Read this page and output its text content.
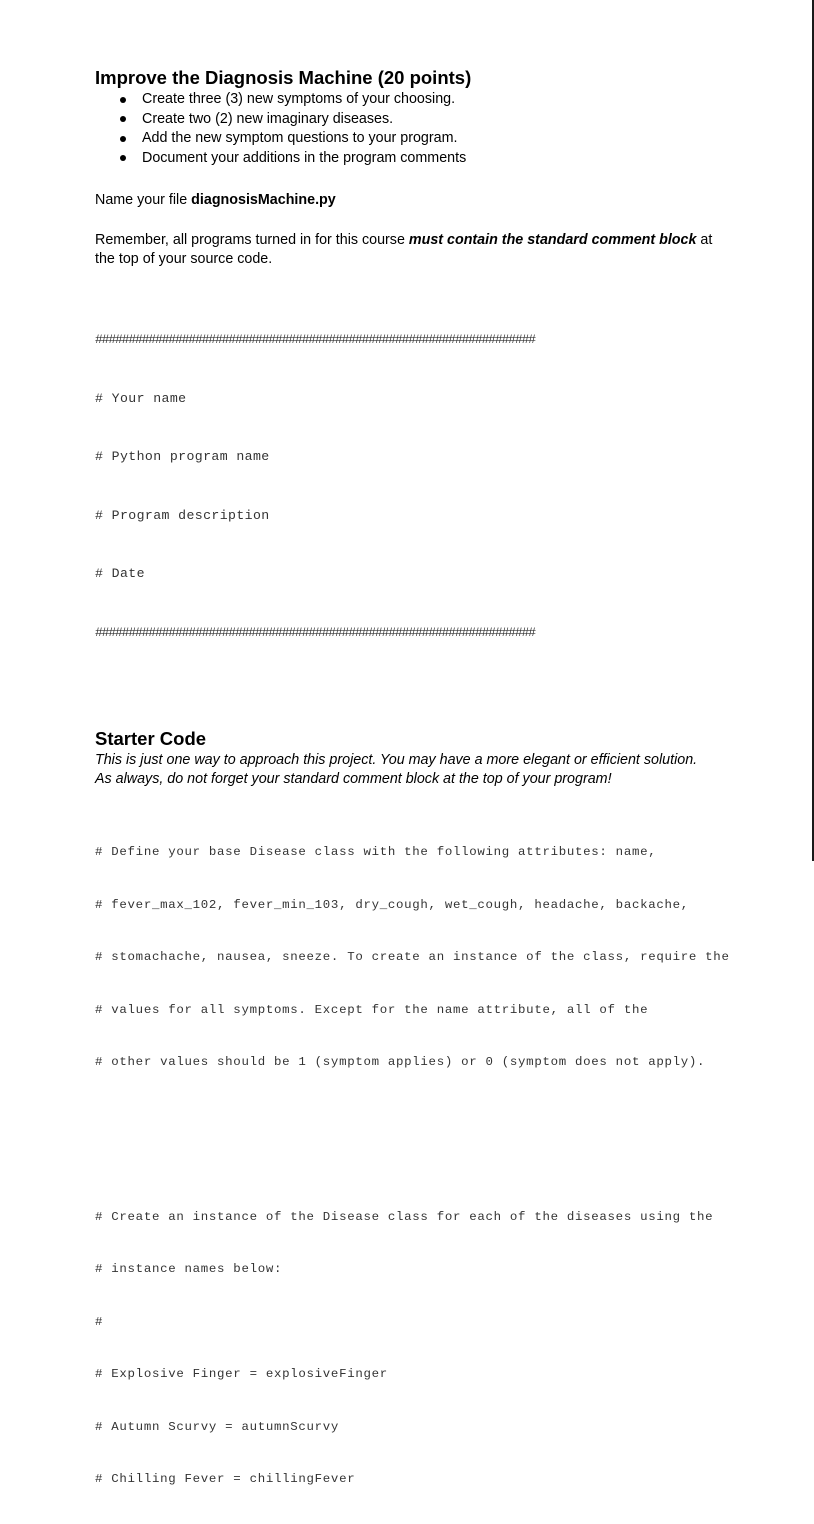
Improve the Diagnosis Machine (20 points)
Create three (3) new symptoms of your choosing.
Create two (2) new imaginary diseases.
Add the new symptom questions to your program.
Document your additions in the program comments

Name your file diagnosisMachine.py

Remember, all programs turned in for this course must contain the standard comment block at the top of your source code.

##################################################################

# Your name

# Python program name

# Program description

# Date

##################################################################

Starter Code

This is just one way to approach this project. You may have a more elegant or efficient solution.

As always, do not forget your standard comment block at the top of your program!

# Define your base Disease class with the following attributes: name,

# fever_max_102, fever_min_103, dry_cough, wet_cough, headache, backache,

# stomachache, nausea, sneeze. To create an instance of the class, require the

# values for all symptoms. Except for the name attribute, all of the

# other values should be 1 (symptom applies) or 0 (symptom does not apply).

# Create an instance of the Disease class for each of the diseases using the

# instance names below:

#

# Explosive Finger = explosiveFinger

# Autumn Scurvy = autumnScurvy

# Chilling Fever = chillingFever
